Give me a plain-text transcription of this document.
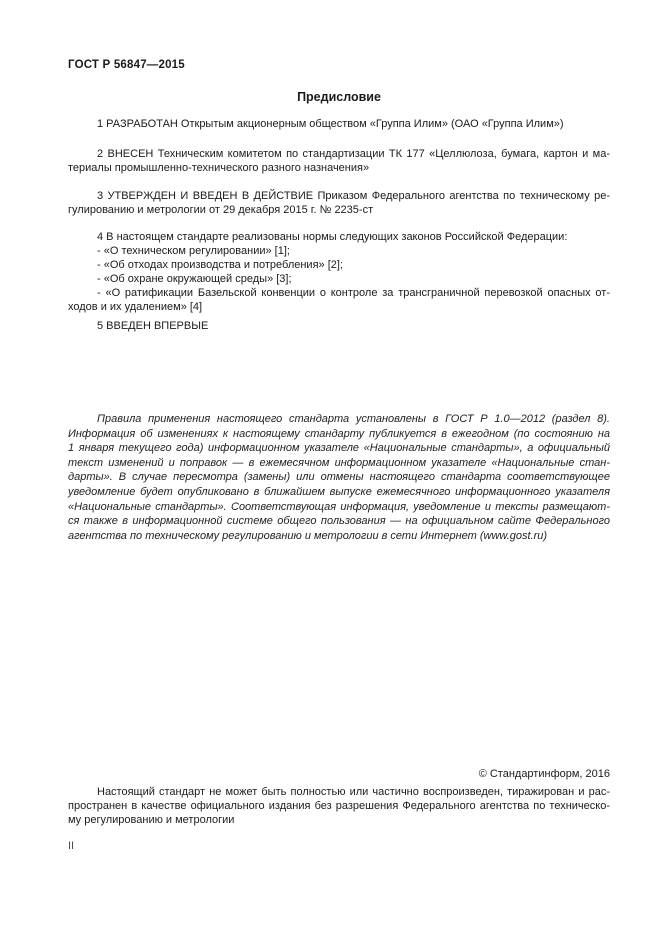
ГОСТ Р 56847—2015
Предисловие
1 РАЗРАБОТАН Открытым акционерным обществом «Группа Илим» (ОАО «Группа Илим»)
2 ВНЕСЕН Техническим комитетом по стандартизации ТК 177 «Целлюлоза, бумага, картон и ма-
териалы промышленно-технического разного назначения»
3 УТВЕРЖДЕН И ВВЕДЕН В ДЕЙСТВИЕ Приказом Федерального агентства по техническому ре-
гулированию и метрологии от 29 декабря 2015 г. № 2235-ст
4 В настоящем стандарте реализованы нормы следующих законов Российской Федерации:
- «О техническом регулировании» [1];
- «Об отходах производства и потребления» [2];
- «Об охране окружающей среды» [3];
- «О ратификации Базельской конвенции о контроле за трансграничной перевозкой опасных от-
ходов и их удалением» [4]
5 ВВЕДЕН ВПЕРВЫЕ
Правила применения настоящего стандарта установлены в ГОСТ Р 1.0—2012 (раздел 8).
Информация об изменениях к настоящему стандарту публикуется в ежегодном (по состоянию на
1 января текущего года) информационном указателе «Национальные стандарты», а официальный
текст изменений и поправок — в ежемесячном информационном указателе «Национальные стан-
дарты». В случае пересмотра (замены) или отмены настоящего стандарта соответствующее
уведомление будет опубликовано в ближайшем выпуске ежемесячного информационного указателя
«Национальные стандарты». Соответствующая информация, уведомление и тексты размещают-
ся также в информационной системе общего пользования — на официальном сайте Федерального
агентства по техническому регулированию и метрологии в сети Интернет (www.gost.ru)
© Стандартинформ, 2016
Настоящий стандарт не может быть полностью или частично воспроизведен, тиражирован и рас-
пространен в качестве официального издания без разрешения Федерального агентства по техническо-
му регулированию и метрологии
II
